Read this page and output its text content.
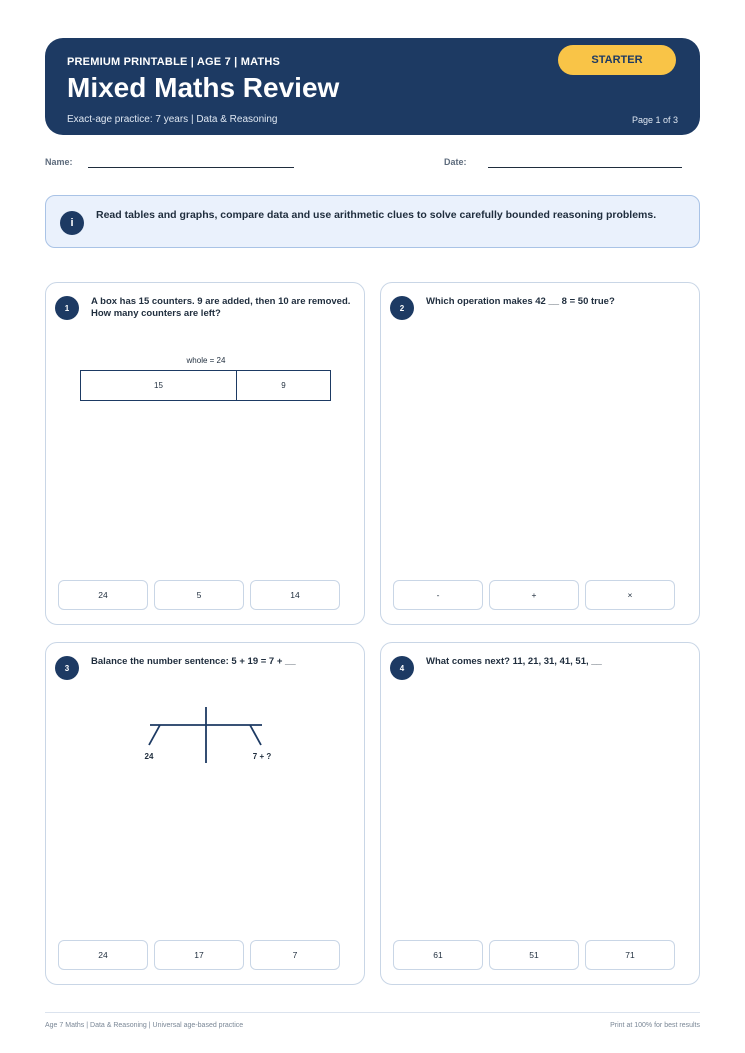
PREMIUM PRINTABLE | AGE 7 | MATHS
Mixed Maths Review
Exact-age practice: 7 years | Data & Reasoning	Page 1 of 3
STARTER
Name:	Date:
i
Read tables and graphs, compare data and use arithmetic clues to solve carefully bounded reasoning problems.
1
A box has 15 counters. 9 are added, then 10 are removed. How many counters are left?
whole = 24
15	9
24	5	14
2
Which operation makes 42 __ 8 = 50 true?
-	+	×
3
Balance the number sentence: 5 + 19 = 7 + __
24	7 + ?
24	17	7
4
What comes next? 11, 21, 31, 41, 51, __
61	51	71
Age 7 Maths | Data & Reasoning | Universal age-based practice	Print at 100% for best results
